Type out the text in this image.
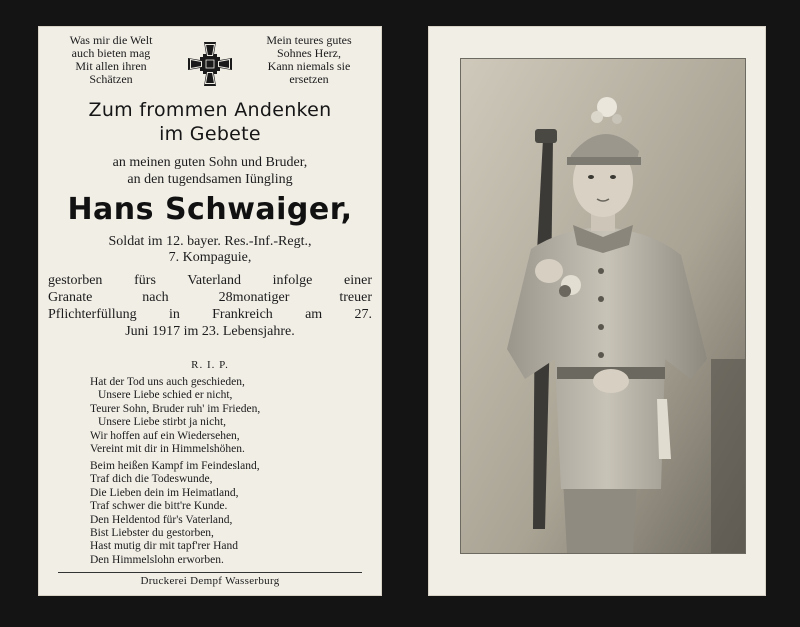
Was mir die Welt
auch bieten mag
Mit allen ihren
Schätzen
Mein teures gutes
Sohnes Herz,
Kann niemals sie
ersetzen
Zum frommen Andenken
im Gebete
an meinen guten Sohn und Bruder,
an den tugendsamen Iüngling
Hans Schwaiger,
Soldat im 12. bayer. Res.-Inf.-Regt.,
7. Kompaguie,
gestorben fürs Vaterland infolge einer
Granate nach 28monatiger treuer
Pflichterfüllung in Frankreich am 27.
Juni 1917 im 23. Lebensjahre.
R. I. P.
Hat der Tod uns auch geschieden,
Unsere Liebe schied er nicht,
Teurer Sohn, Bruder ruh' im Frieden,
Unsere Liebe stirbt ja nicht,
Wir hoffen auf ein Wiedersehen,
Vereint mit dir in Himmelshöhen.
Beim heißen Kampf im Feindesland,
Traf dich die Todeswunde,
Die Lieben dein im Heimatland,
Traf schwer die bitt're Kunde.
Den Heldentod für's Vaterland,
Bist Liebster du gestorben,
Hast mutig dir mit tapf'rer Hand
Den Himmelslohn erworben.
Druckerei Dempf Wasserburg
